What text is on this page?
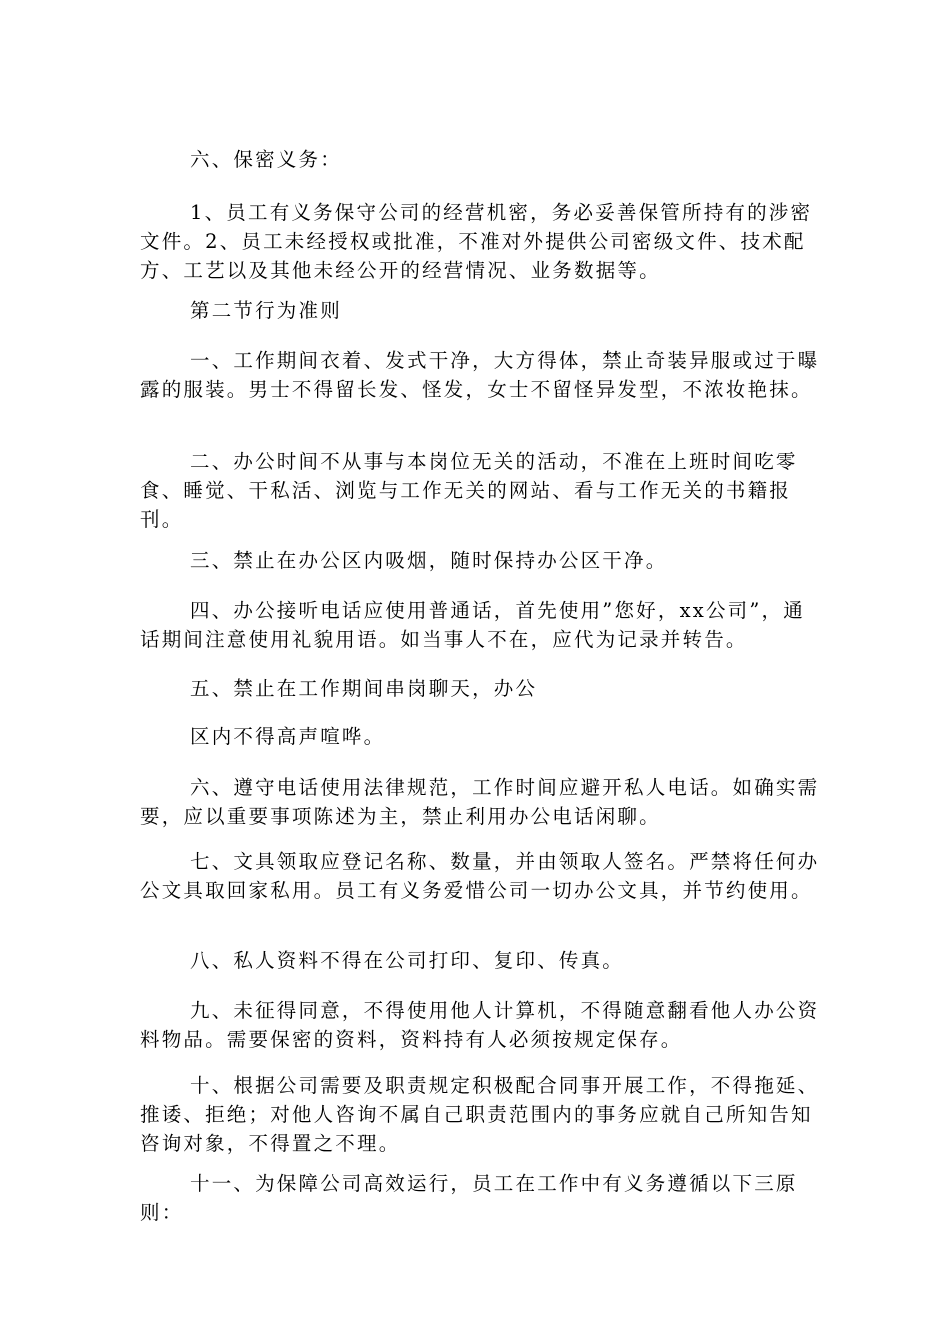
六、保密义务：

1、员工有义务保守公司的经营机密，务必妥善保管所持有的涉密文件。2、员工未经授权或批准，不准对外提供公司密级文件、技术配方、工艺以及其他未经公开的经营情况、业务数据等。

第二节行为准则

一、工作期间衣着、发式干净，大方得体，禁止奇装异服或过于曝露的服装。男士不得留长发、怪发，女士不留怪异发型，不浓妆艳抹。

二、办公时间不从事与本岗位无关的活动，不准在上班时间吃零食、睡觉、干私活、浏览与工作无关的网站、看与工作无关的书籍报刊。

三、禁止在办公区内吸烟，随时保持办公区干净。

四、办公接听电话应使用普通话，首先使用”您好，xx公司”，通话期间注意使用礼貌用语。如当事人不在，应代为记录并转告。

五、禁止在工作期间串岗聊天，办公

区内不得高声喧哗。

六、遵守电话使用法律规范，工作时间应避开私人电话。如确实需要，应以重要事项陈述为主，禁止利用办公电话闲聊。

七、文具领取应登记名称、数量，并由领取人签名。严禁将任何办公文具取回家私用。员工有义务爱惜公司一切办公文具，并节约使用。

八、私人资料不得在公司打印、复印、传真。

九、未征得同意，不得使用他人计算机，不得随意翻看他人办公资料物品。需要保密的资料，资料持有人必须按规定保存。

十、根据公司需要及职责规定积极配合同事开展工作，不得拖延、推诿、拒绝；对他人咨询不属自己职责范围内的事务应就自己所知告知咨询对象，不得置之不理。

十一、为保障公司高效运行，员工在工作中有义务遵循以下三原则：
